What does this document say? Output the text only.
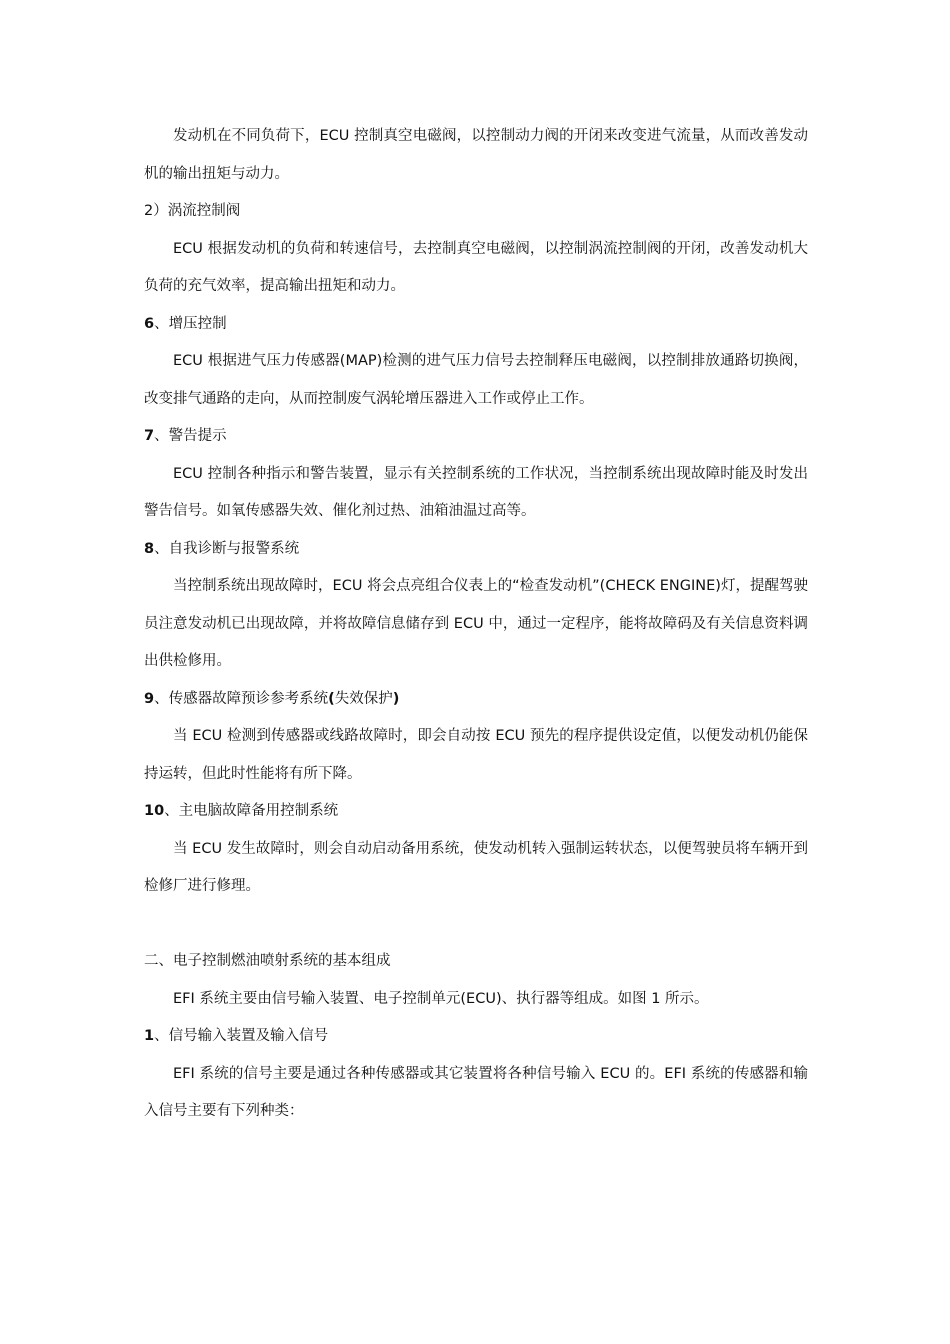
发动机在不同负荷下，ECU 控制真空电磁阀，以控制动力阀的开闭来改变进气流量，从而改善发动机的输出扭矩与动力。

2）涡流控制阀

ECU 根据发动机的负荷和转速信号，去控制真空电磁阀，以控制涡流控制阀的开闭，改善发动机大负荷的充气效率，提高输出扭矩和动力。

6、增压控制

ECU 根据进气压力传感器(MAP)检测的进气压力信号去控制释压电磁阀，以控制排放通路切换阀，改变排气通路的走向，从而控制废气涡轮增压器进入工作或停止工作。

7、警告提示

ECU 控制各种指示和警告装置，显示有关控制系统的工作状况，当控制系统出现故障时能及时发出警告信号。如氧传感器失效、催化剂过热、油箱油温过高等。

8、自我诊断与报警系统

当控制系统出现故障时，ECU 将会点亮组合仪表上的“检查发动机”(CHECK ENGINE)灯，提醒驾驶员注意发动机已出现故障，并将故障信息储存到 ECU 中，通过一定程序，能将故障码及有关信息资料调出供检修用。

9、传感器故障预诊参考系统(失效保护)

当 ECU 检测到传感器或线路故障时，即会自动按 ECU 预先的程序提供设定值，以便发动机仍能保持运转，但此时性能将有所下降。

10、主电脑故障备用控制系统

当 ECU 发生故障时，则会自动启动备用系统，使发动机转入强制运转状态，以便驾驶员将车辆开到检修厂进行修理。

二、电子控制燃油喷射系统的基本组成

EFI 系统主要由信号输入装置、电子控制单元(ECU)、执行器等组成。如图 1 所示。

1、信号输入装置及输入信号

EFI 系统的信号主要是通过各种传感器或其它装置将各种信号输入 ECU 的。EFI 系统的传感器和输入信号主要有下列种类：
